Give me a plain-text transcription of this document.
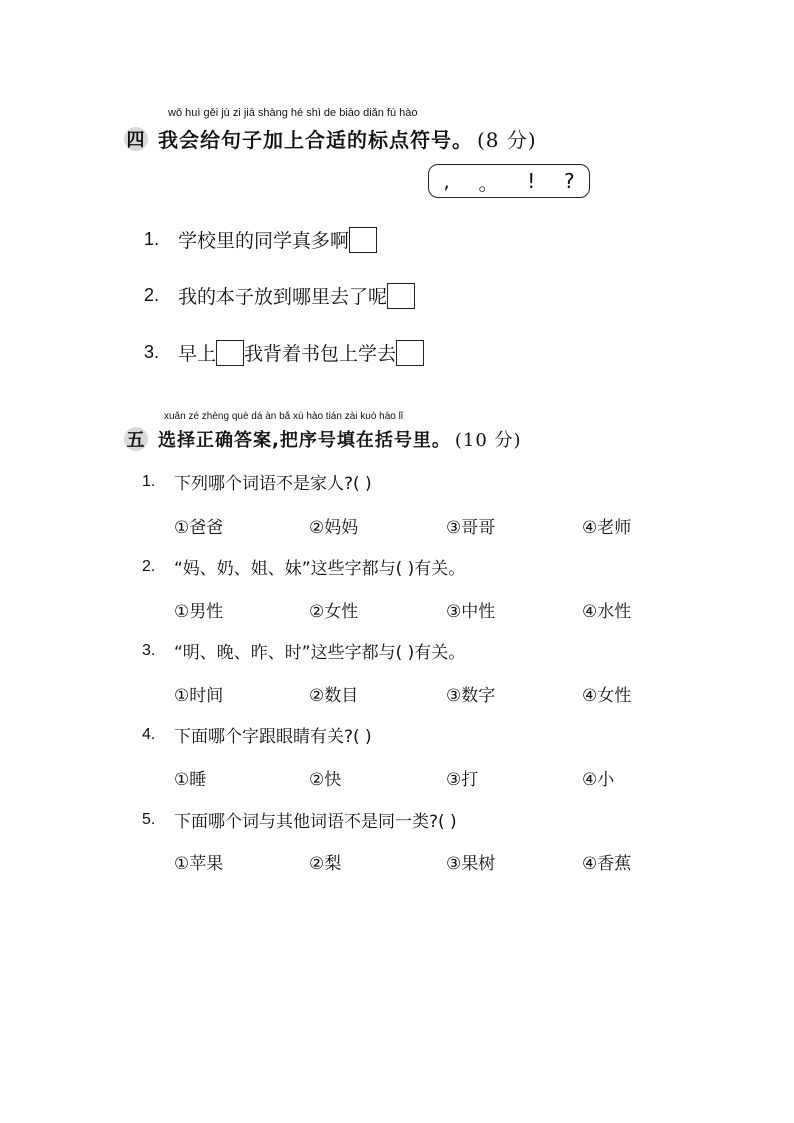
wǒ huì gěi jù zi jiā shàng hé shì de biāo diǎn fú hào
四 我会给句子加上合适的标点符号。 (8 分)
, 。 ! ?
1. 学校里的同学真多啊
2. 我的本子放到哪里去了呢
3. 早上 我背着书包上学去
xuǎn zé zhèng què dá àn bǎ xù hào tián zài kuò hào lǐ
五 选择正确答案,把序号填在括号里。 (10 分)
1.	下列哪个词语不是家人?( )
①爸爸	②妈妈	③哥哥	④老师
2.	“妈、奶、姐、妹”这些字都与( )有关。
①男性	②女性	③中性	④水性
3.	“明、晚、昨、时”这些字都与( )有关。
①时间	②数目	③数字	④女性
4.	下面哪个字跟眼睛有关?( )
①睡	②快	③打	④小
5.	下面哪个词与其他词语不是同一类?( )
①苹果	②梨	③果树	④香蕉
